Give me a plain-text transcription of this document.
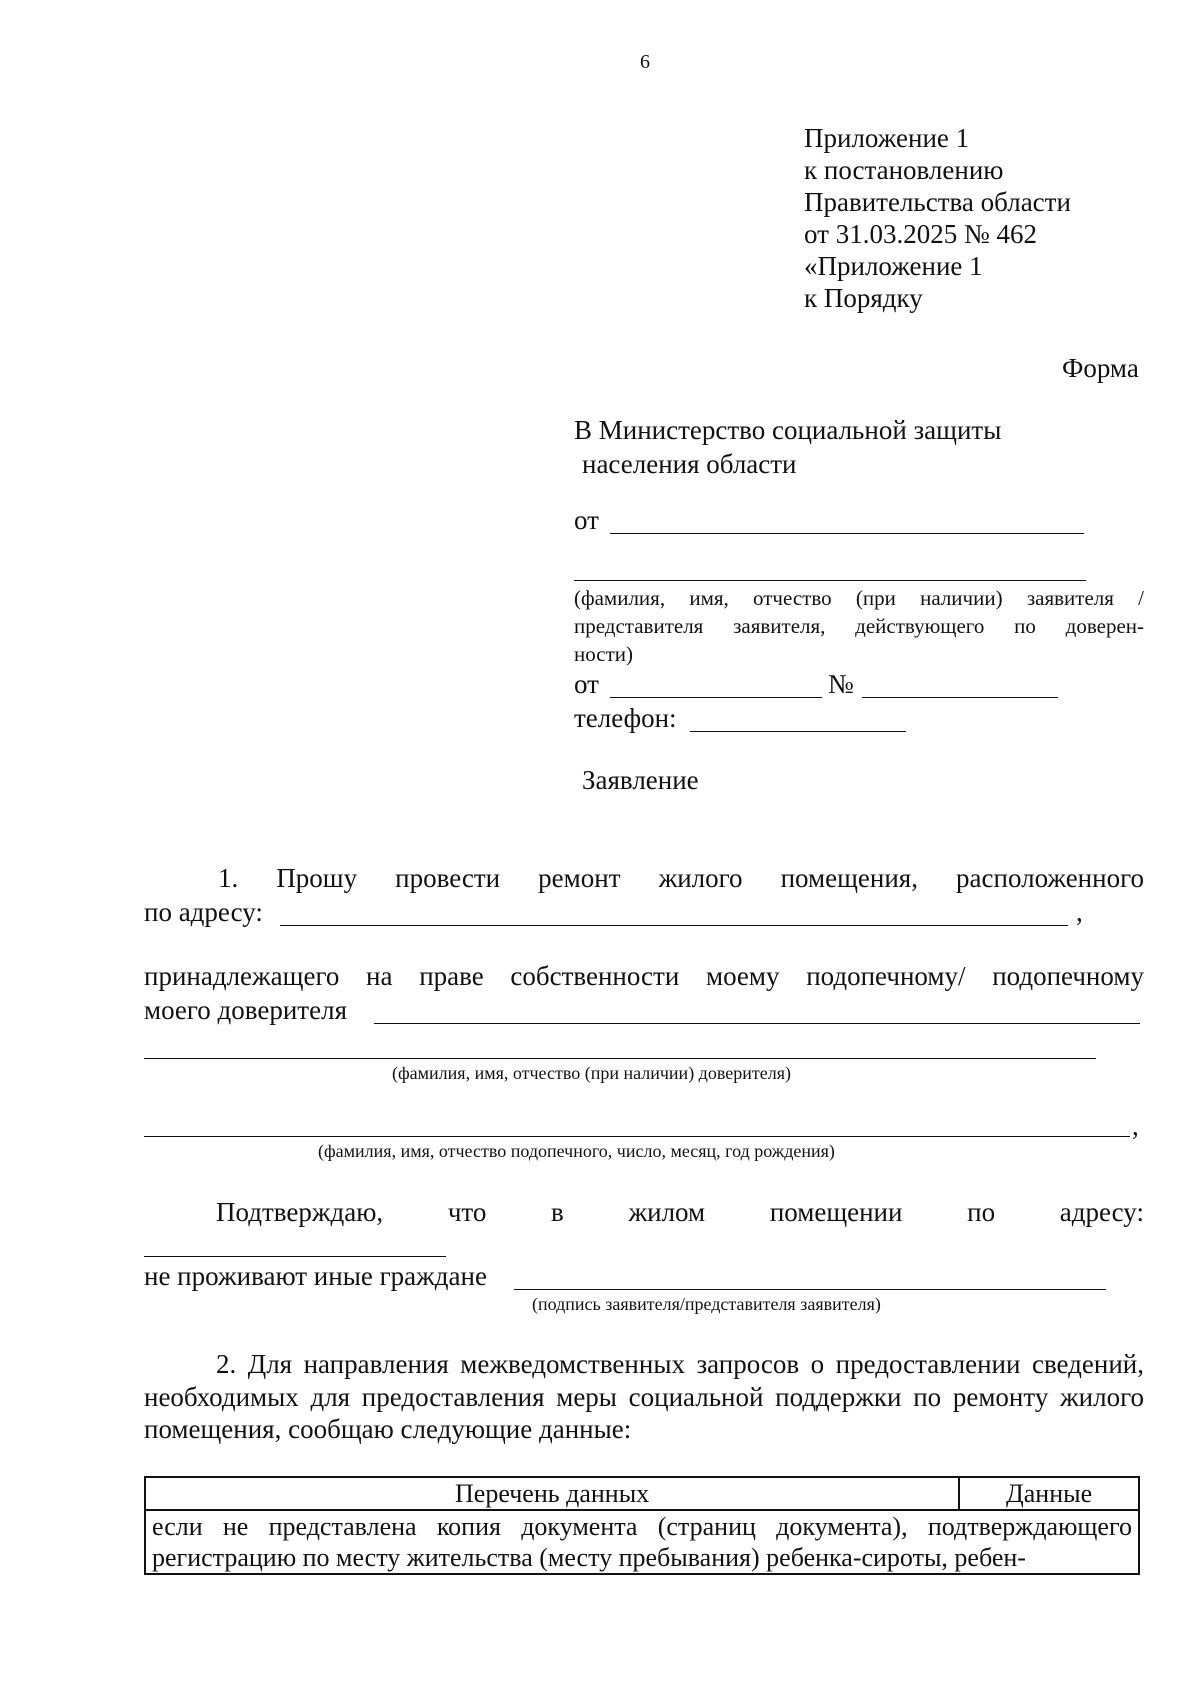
6
Приложение 1
к постановлению
Правительства области
от 31.03.2025 № 462
«Приложение 1
к Порядку
Форма
В Министерство социальной защиты
населения области
от
(фамилия, имя, отчество (при наличии) заявителя /
представителя заявителя, действующего по доверен-
ности)
от	№
телефон:
Заявление
1. Прошу провести ремонт жилого помещения, расположенного
по адресу:	,
принадлежащего на праве собственности моему подопечному/ подопечному
моего доверителя
(фамилия, имя, отчество (при наличии) доверителя)
,
(фамилия, имя, отчество подопечного, число, месяц, год рождения)
Подтверждаю, что в жилом помещении по адресу:
не проживают иные граждане
(подпись заявителя/представителя заявителя)
2. Для направления межведомственных запросов о предоставлении сведений, необходимых для предоставления меры социальной поддержки по ремонту жилого помещения, сообщаю следующие данные:
Перечень данных	Данные
если не представлена копия документа (страниц документа), подтверждающего регистрацию по месту жительства (месту пребывания) ребенка-сироты, ребен-
